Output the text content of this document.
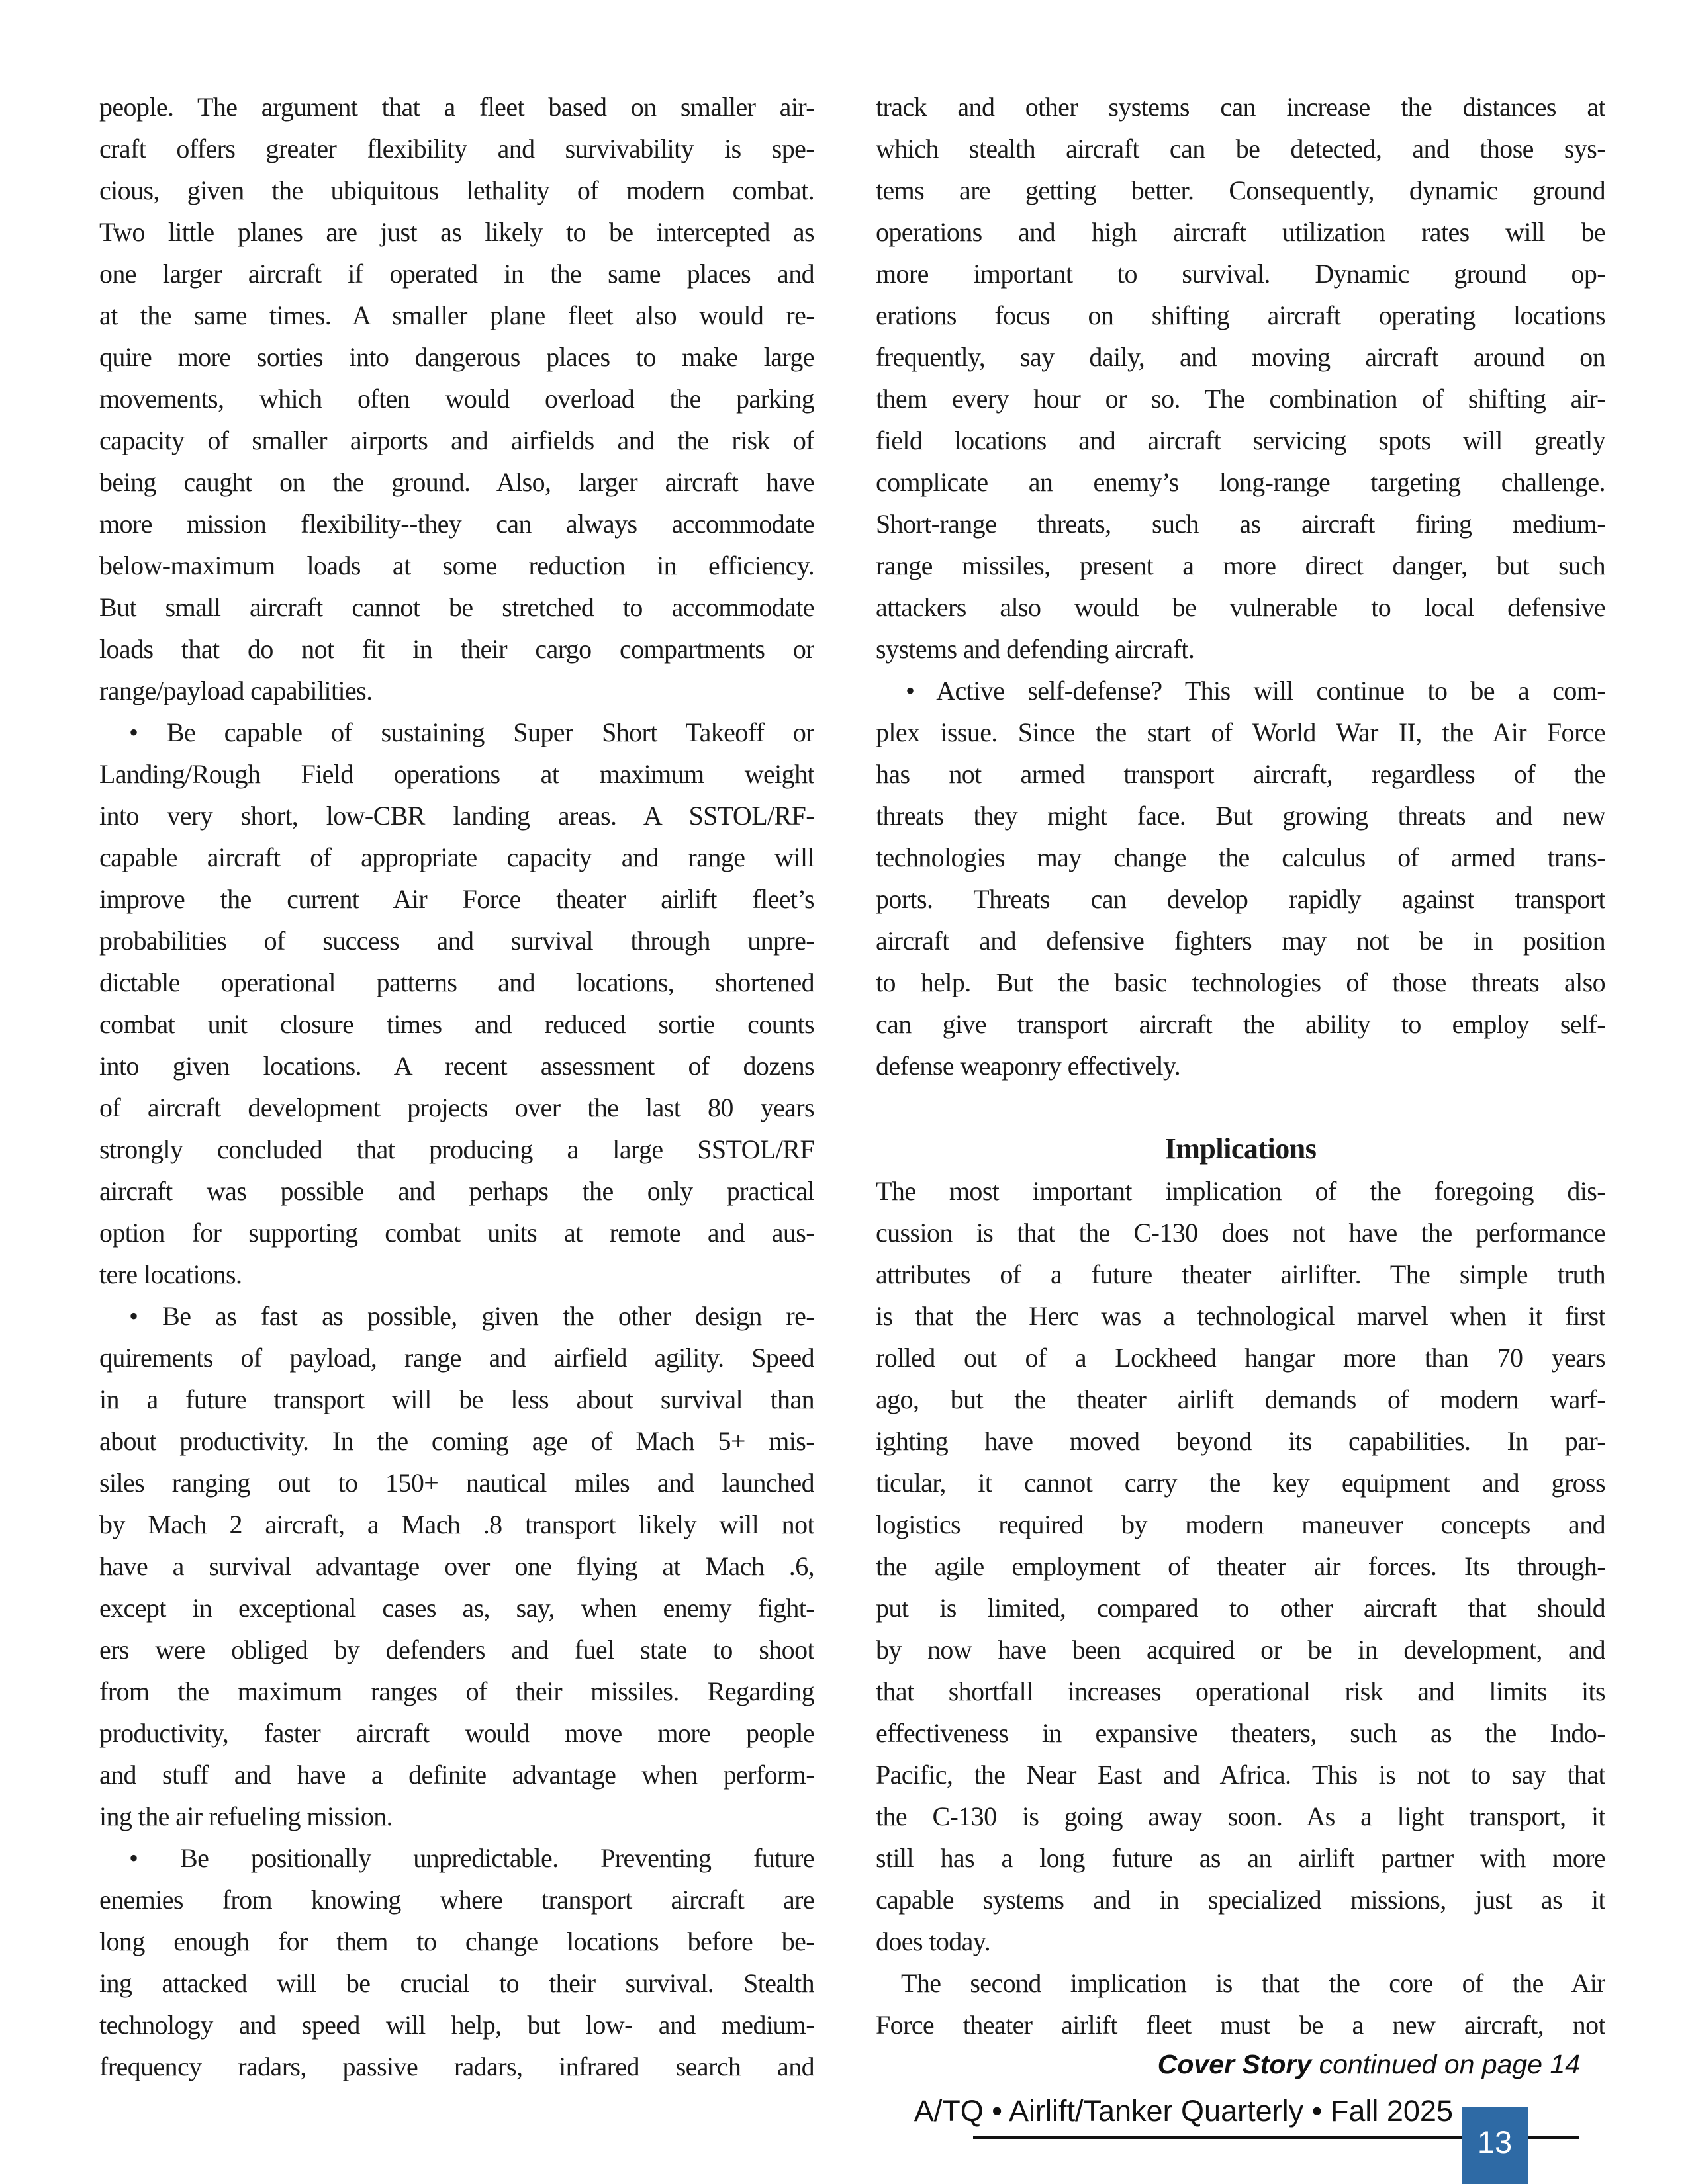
people. The argument that a fleet based on smaller air-
craft offers greater flexibility and survivability is spe-
cious, given the ubiquitous lethality of modern combat.
Two little planes are just as likely to be intercepted as
one larger aircraft if operated in the same places and
at the same times. A smaller plane fleet also would re-
quire more sorties into dangerous places to make large
movements, which often would overload the parking
capacity of smaller airports and airfields and the risk of
being caught on the ground. Also, larger aircraft have
more mission flexibility--they can always accommodate
below-maximum loads at some reduction in efficiency.
But small aircraft cannot be stretched to accommodate
loads that do not fit in their cargo compartments or
range/payload capabilities.
• Be capable of sustaining Super Short Takeoff or
Landing/Rough Field operations at maximum weight
into very short, low-CBR landing areas. A SSTOL/RF-
capable aircraft of appropriate capacity and range will
improve the current Air Force theater airlift fleet’s
probabilities of success and survival through unpre-
dictable operational patterns and locations, shortened
combat unit closure times and reduced sortie counts
into given locations. A recent assessment of dozens
of aircraft development projects over the last 80 years
strongly concluded that producing a large SSTOL/RF
aircraft was possible and perhaps the only practical
option for supporting combat units at remote and aus-
tere locations.
• Be as fast as possible, given the other design re-
quirements of payload, range and airfield agility. Speed
in a future transport will be less about survival than
about productivity. In the coming age of Mach 5+ mis-
siles ranging out to 150+ nautical miles and launched
by Mach 2 aircraft, a Mach .8 transport likely will not
have a survival advantage over one flying at Mach .6,
except in exceptional cases as, say, when enemy fight-
ers were obliged by defenders and fuel state to shoot
from the maximum ranges of their missiles. Regarding
productivity, faster aircraft would move more people
and stuff and have a definite advantage when perform-
ing the air refueling mission.
• Be positionally unpredictable. Preventing future
enemies from knowing where transport aircraft are
long enough for them to change locations before be-
ing attacked will be crucial to their survival. Stealth
technology and speed will help, but low- and medium-
frequency radars, passive radars, infrared search and
track and other systems can increase the distances at
which stealth aircraft can be detected, and those sys-
tems are getting better. Consequently, dynamic ground
operations and high aircraft utilization rates will be
more important to survival. Dynamic ground op-
erations focus on shifting aircraft operating locations
frequently, say daily, and moving aircraft around on
them every hour or so. The combination of shifting air-
field locations and aircraft servicing spots will greatly
complicate an enemy’s long-range targeting challenge.
Short-range threats, such as aircraft firing medium-
range missiles, present a more direct danger, but such
attackers also would be vulnerable to local defensive
systems and defending aircraft.
• Active self-defense? This will continue to be a com-
plex issue. Since the start of World War II, the Air Force
has not armed transport aircraft, regardless of the
threats they might face. But growing threats and new
technologies may change the calculus of armed trans-
ports. Threats can develop rapidly against transport
aircraft and defensive fighters may not be in position
to help. But the basic technologies of those threats also
can give transport aircraft the ability to employ self-
defense weaponry effectively.
Implications
The most important implication of the foregoing dis-
cussion is that the C-130 does not have the performance
attributes of a future theater airlifter. The simple truth
is that the Herc was a technological marvel when it first
rolled out of a Lockheed hangar more than 70 years
ago, but the theater airlift demands of modern warf-
ighting have moved beyond its capabilities. In par-
ticular, it cannot carry the key equipment and gross
logistics required by modern maneuver concepts and
the agile employment of theater air forces. Its through-
put is limited, compared to other aircraft that should
by now have been acquired or be in development, and
that shortfall increases operational risk and limits its
effectiveness in expansive theaters, such as the Indo-
Pacific, the Near East and Africa. This is not to say that
the C-130 is going away soon. As a light transport, it
still has a long future as an airlift partner with more
capable systems and in specialized missions, just as it
does today.
The second implication is that the core of the Air
Force theater airlift fleet must be a new aircraft, not
Cover Story continued on page 14
A/TQ • Airlift/Tanker Quarterly • Fall 2025
13
